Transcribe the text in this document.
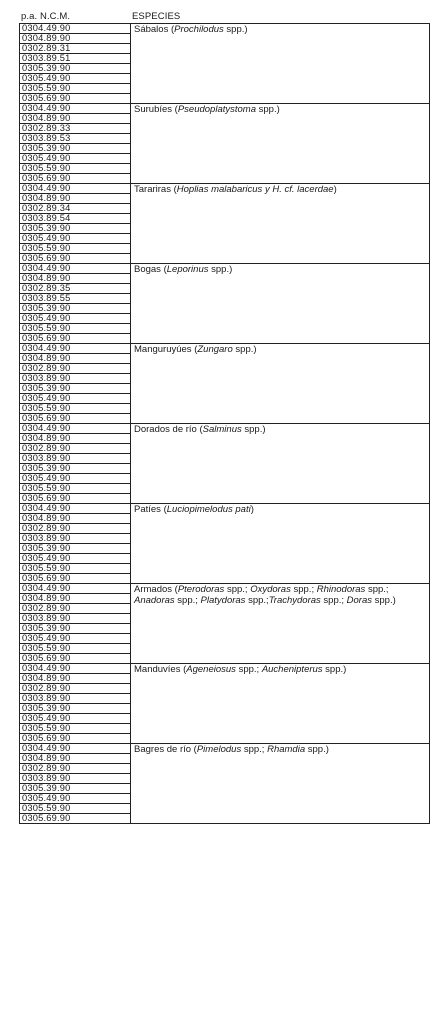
p.a. N.C.M.	ESPECIES
0304.49.90	Sábalos (Prochilodus spp.)
0304.89.90	
0302.89.31	
0303.89.51	
0305.39.90	
0305.49.90	
0305.59.90	
0305.69.90	
0304.49.90	Surubíes (Pseudoplatystoma spp.)
0304.89.90	
0302.89.33	
0303.89.53	
0305.39.90	
0305.49.90	
0305.59.90	
0305.69.90	
0304.49.90	Tarariras (Hoplias malabaricus y H. cf. lacerdae)
0304.89.90	
0302.89.34	
0303.89.54	
0305.39.90	
0305.49.90	
0305.59.90	
0305.69.90	
0304.49.90	Bogas (Leporinus spp.)
0304.89.90	
0302.89.35	
0303.89.55	
0305.39.90	
0305.49.90	
0305.59.90	
0305.69.90	
0304.49.90	Manguruyúes (Zungaro spp.)
0304.89.90	
0302.89.90	
0303.89.90	
0305.39.90	
0305.49.90	
0305.59.90	
0305.69.90	
0304.49.90	Dorados de río (Salminus spp.)
0304.89.90	
0302.89.90	
0303.89.90	
0305.39.90	
0305.49.90	
0305.59.90	
0305.69.90	
0304.49.90	Patíes (Luciopimelodus pati)
0304.89.90	
0302.89.90	
0303.89.90	
0305.39.90	
0305.49.90	
0305.59.90	
0305.69.90	
0304.49.90	Armados (Pterodoras spp.; Oxydoras spp.; Rhinodoras spp.; Anadoras spp.; Platydoras spp.;Trachydoras spp.; Doras spp.)
0304.89.90	
0302.89.90	
0303.89.90	
0305.39.90	
0305.49.90	
0305.59.90	
0305.69.90	
0304.49.90	Manduvíes (Ageneiosus spp.; Auchenipterus spp.)
0304.89.90	
0302.89.90	
0303.89.90	
0305.39.90	
0305.49.90	
0305.59.90	
0305.69.90	
0304.49.90	Bagres de río (Pimelodus spp.; Rhamdia spp.)
0304.89.90	
0302.89.90	
0303.89.90	
0305.39.90	
0305.49.90	
0305.59.90	
0305.69.90	
